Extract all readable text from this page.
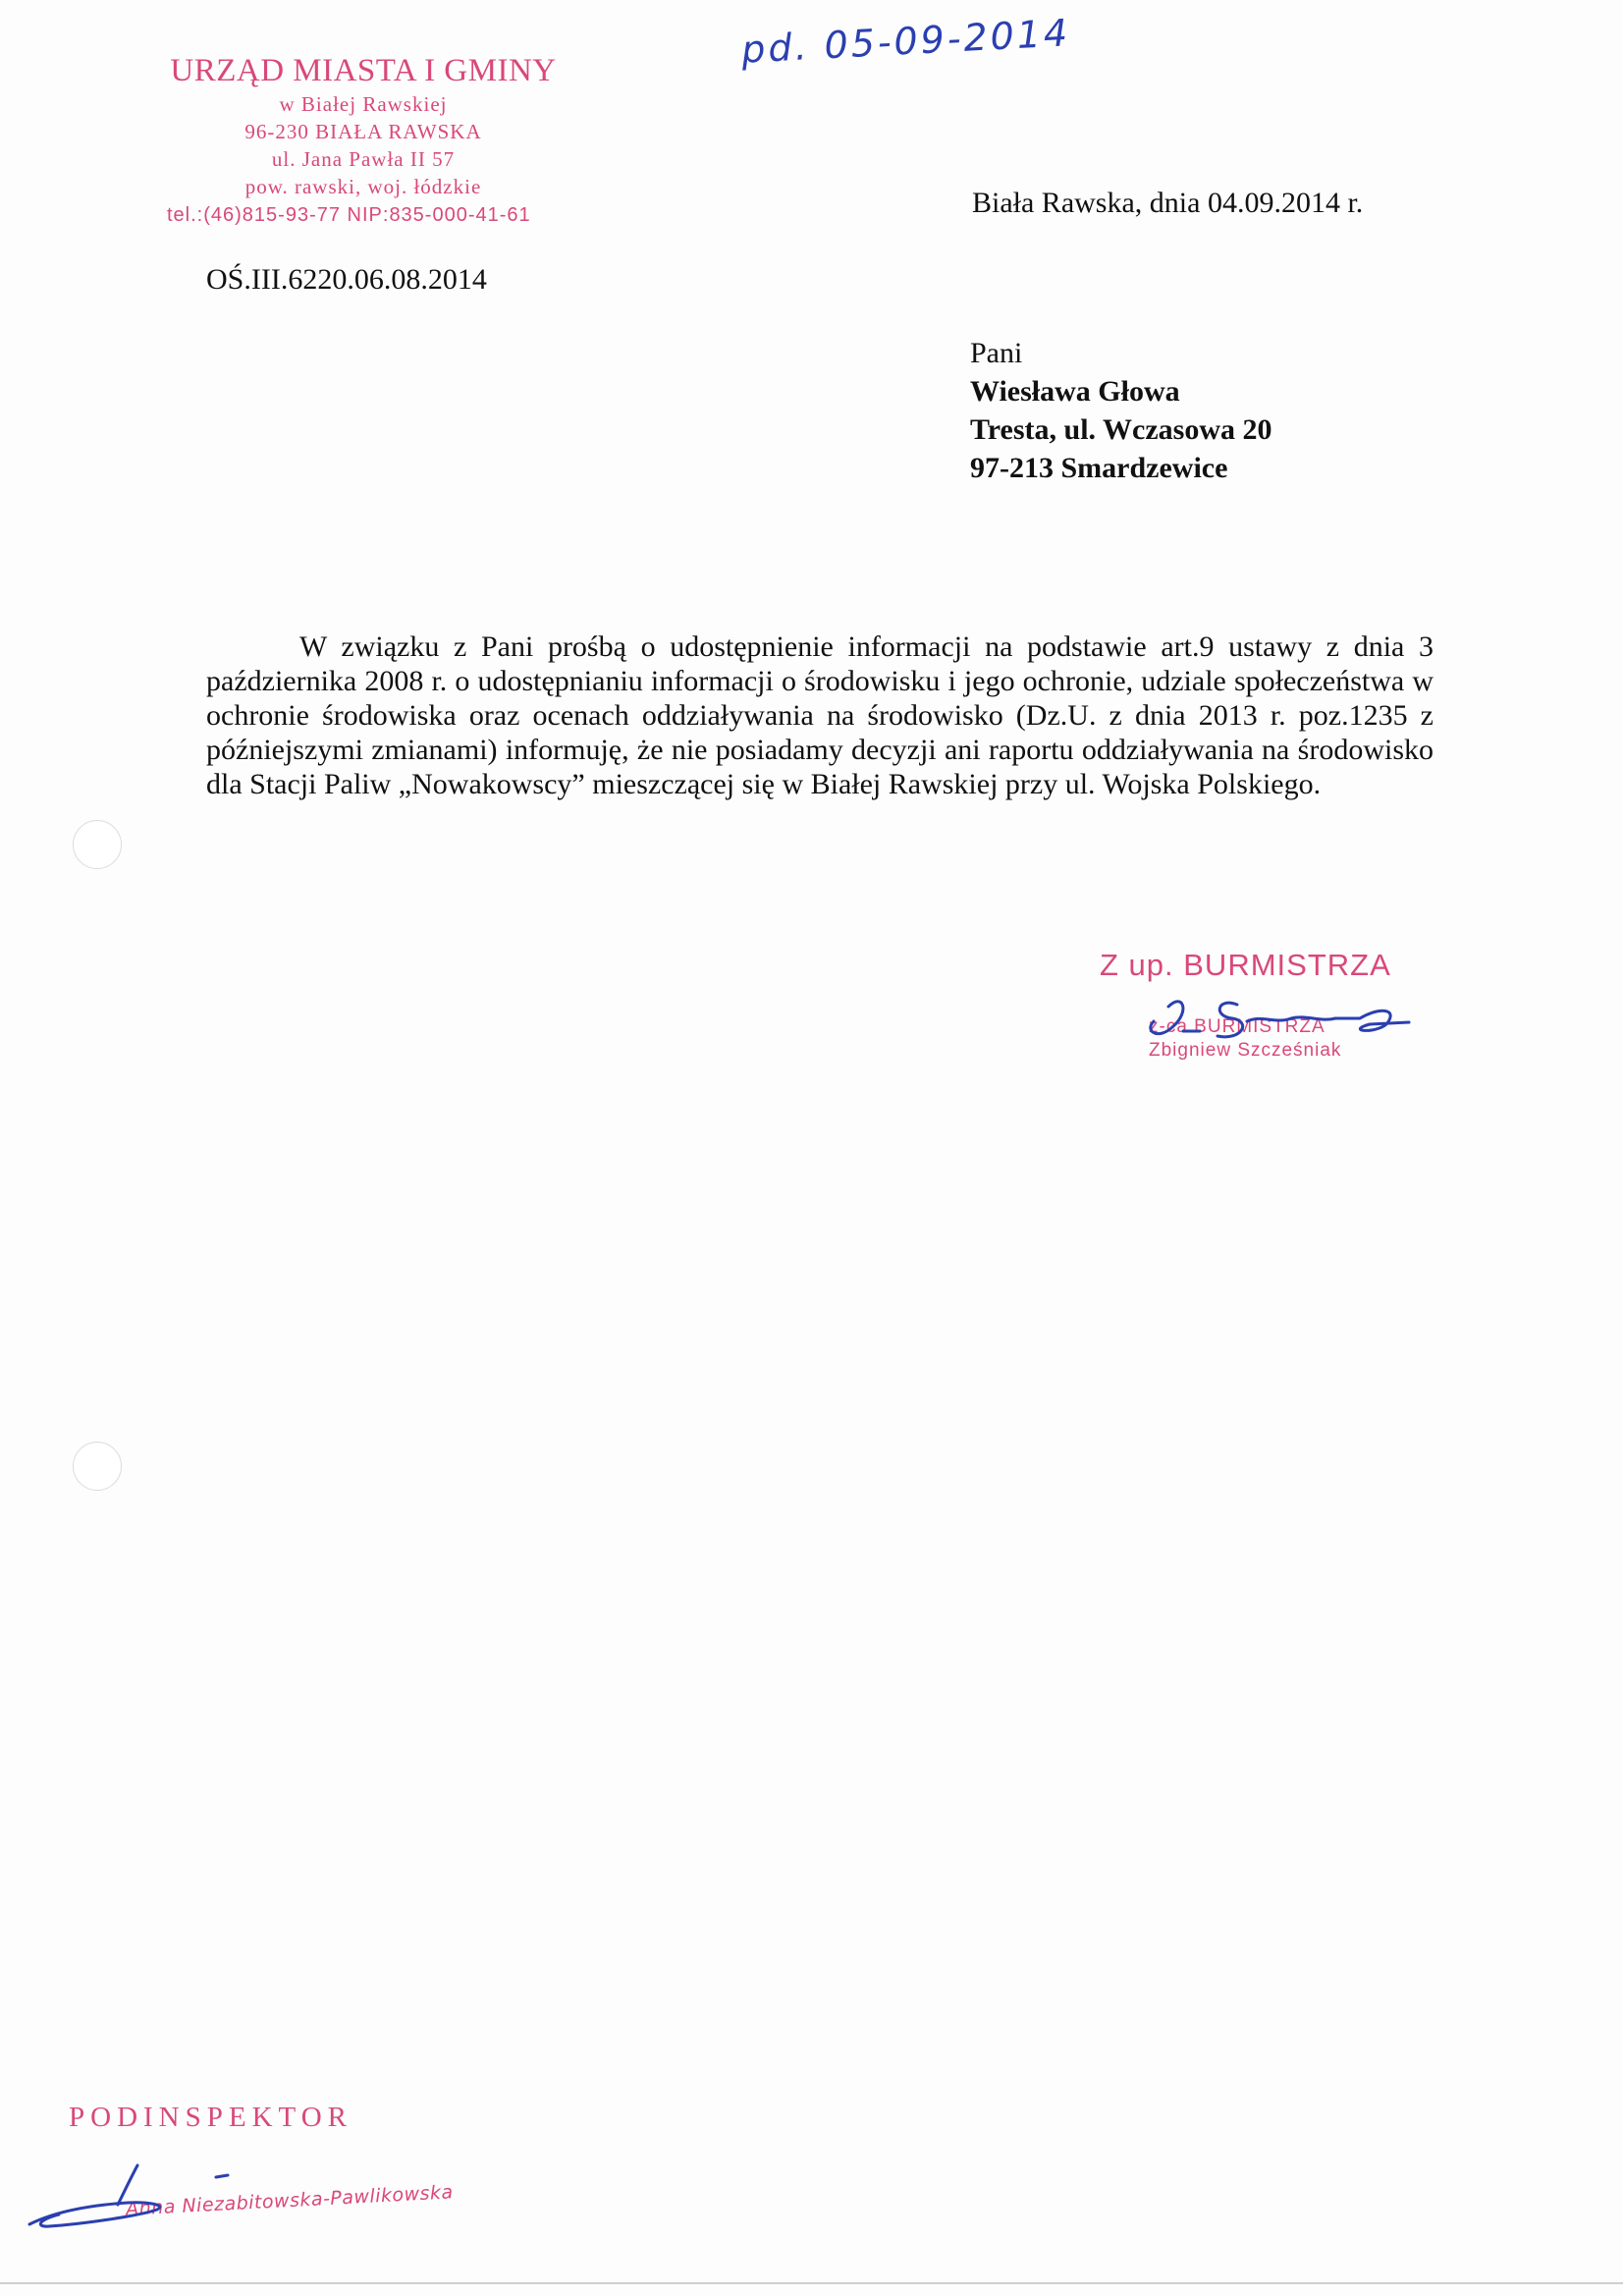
pd. 05-09-2014
URZĄD MIASTA I GMINY
w Białej Rawskiej
96-230 BIAŁA RAWSKA
ul. Jana Pawła II 57
pow. rawski, woj. łódzkie
tel.:(46)815-93-77 NIP:835-000-41-61	Biała Rawska, dnia 04.09.2014 r.
OŚ.III.6220.06.08.2014
Pani
Wiesława Głowa
Tresta, ul. Wczasowa 20
97-213 Smardzewice

W związku z Pani prośbą o udostępnienie informacji na podstawie art.9 ustawy z dnia 3 października 2008 r. o udostępnianiu informacji o środowisku i jego ochronie, udziale społeczeństwa w ochronie środowiska oraz ocenach oddziaływania na środowisko (Dz.U. z dnia 2013 r. poz.1235 z późniejszymi zmianami) informuję, że nie posiadamy decyzji ani raportu oddziaływania na środowisko dla Stacji Paliw „Nowakowscy” mieszczącej się w Białej Rawskiej przy ul. Wojska Polskiego.

Z up. BURMISTRZA
z-ca BURMISTRZA
Zbigniew Szcześniak
PODINSPEKTOR
Anna Niezabitowska-Pawlikowska
